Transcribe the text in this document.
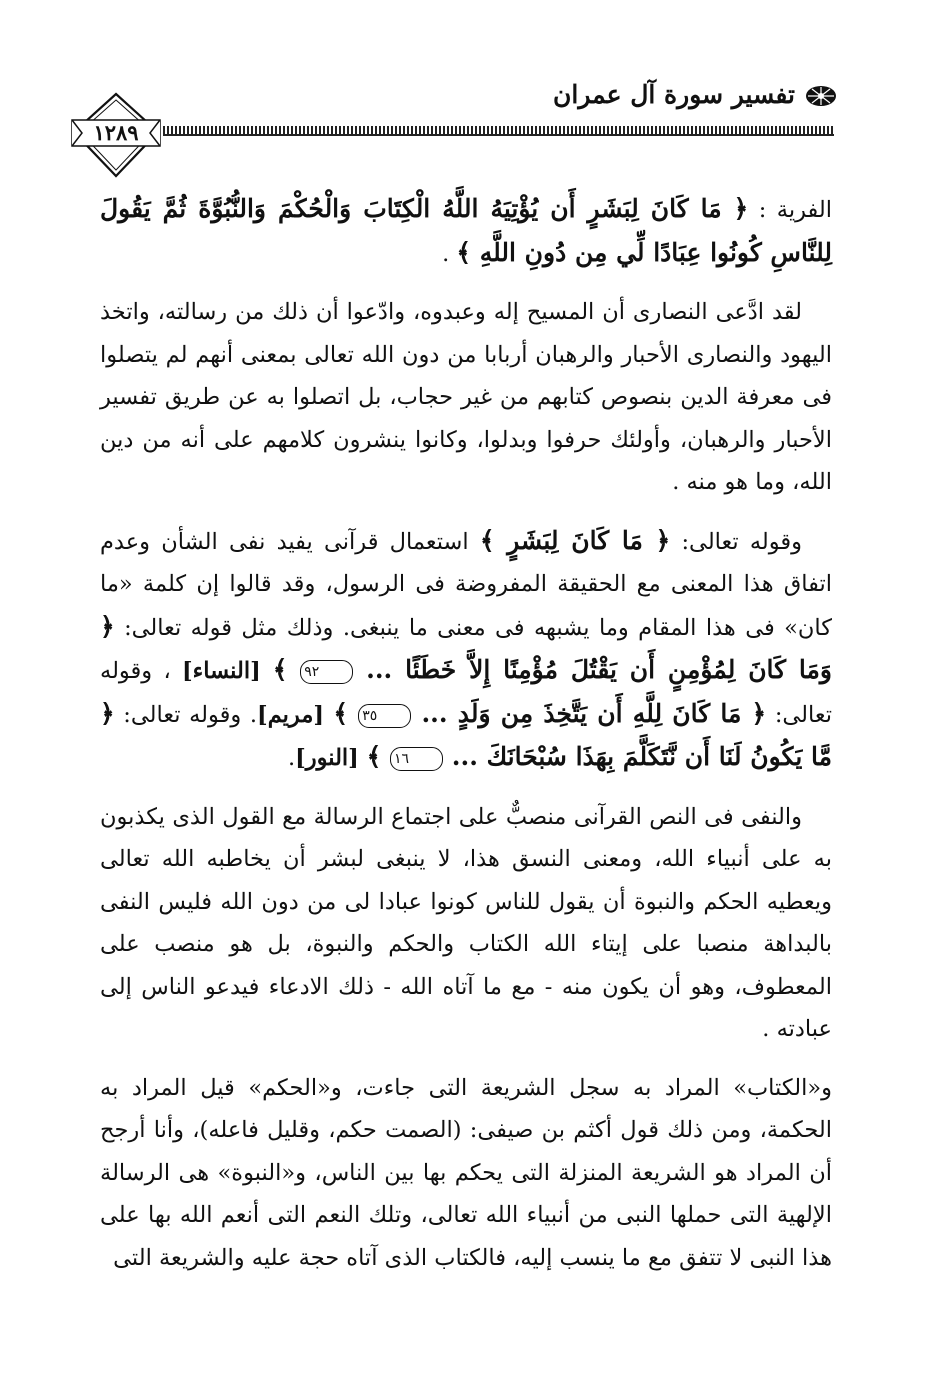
تفسير سورة آل عمران
١٢٨٩

الفرية : ﴿ مَا كَانَ لِبَشَرٍ أَن يُؤْتِيَهُ اللَّهُ الْكِتَابَ وَالْحُكْمَ وَالنُّبُوَّةَ ثُمَّ يَقُولَ لِلنَّاسِ كُونُوا عِبَادًا لِّي مِن دُونِ اللَّهِ ﴾ .

لقد ادَّعى النصارى أن المسيح إله وعبدوه، وادّعوا أن ذلك من رسالته، واتخذ اليهود والنصارى الأحبار والرهبان أربابا من دون الله تعالى بمعنى أنهم لم يتصلوا فى معرفة الدين بنصوص كتابهم من غير حجاب، بل اتصلوا به عن طريق تفسير الأحبار والرهبان، وأولئك حرفوا وبدلوا، وكانوا ينشرون كلامهم على أنه من دين الله، وما هو منه .

وقوله تعالى: ﴿ مَا كَانَ لِبَشَرٍ ﴾ استعمال قرآنى يفيد نفى الشأن وعدم اتفاق هذا المعنى مع الحقيقة المفروضة فى الرسول، وقد قالوا إن كلمة «ما كان» فى هذا المقام وما يشبهه فى معنى ما ينبغى. وذلك مثل قوله تعالى: ﴿ وَمَا كَانَ لِمُؤْمِنٍ أَن يَقْتُلَ مُؤْمِنًا إِلاَّ خَطَئًا ... ٩٢ ﴾ [النساء] ، وقوله تعالى: ﴿ مَا كَانَ لِلَّهِ أَن يَتَّخِذَ مِن وَلَدٍ ... ٣٥ ﴾ [مريم]. وقوله تعالى: ﴿ مَّا يَكُونُ لَنَا أَن نَّتَكَلَّمَ بِهَذَا سُبْحَانَكَ ... ١٦ ﴾ [النور].

والنفى فى النص القرآنى منصبٌّ على اجتماع الرسالة مع القول الذى يكذبون به على أنبياء الله، ومعنى النسق هذا، لا ينبغى لبشر أن يخاطبه الله تعالى ويعطيه الحكم والنبوة أن يقول للناس كونوا عبادا لى من دون الله فليس النفى بالبداهة منصبا على إيتاء الله الكتاب والحكم والنبوة، بل هو منصب على المعطوف، وهو أن يكون منه - مع ما آتاه الله - ذلك الادعاء فيدعو الناس إلى عبادته .

و«الكتاب» المراد به سجل الشريعة التى جاءت، و«الحكم» قيل المراد به الحكمة، ومن ذلك قول أكثم بن صيفى: (الصمت حكم، وقليل فاعله)، وأنا أرجح أن المراد هو الشريعة المنزلة التى يحكم بها بين الناس، و«النبوة» هى الرسالة الإلهية التى حملها النبى من أنبياء الله تعالى، وتلك النعم التى أنعم الله بها على هذا النبى لا تتفق مع ما ينسب إليه، فالكتاب الذى آتاه حجة عليه والشريعة التى
